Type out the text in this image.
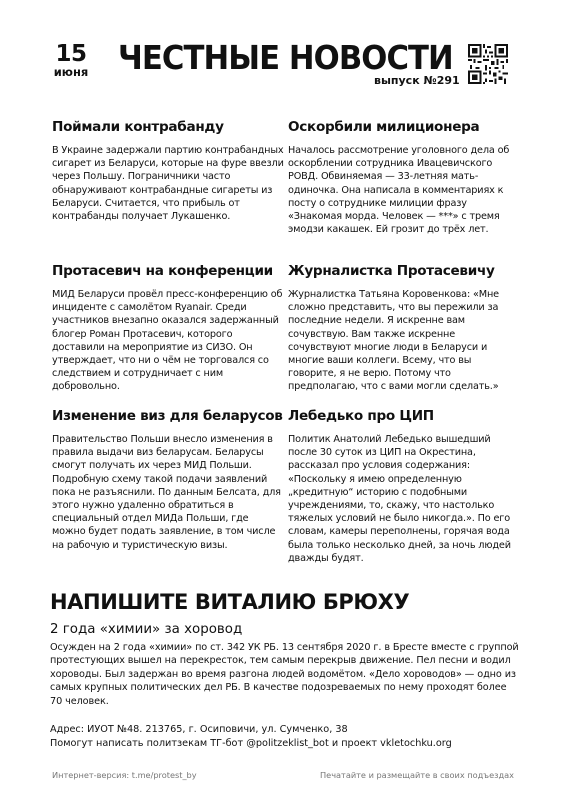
15
июня ЧЕСТНЫЕ НОВОСТИ
выпуск №291
Поймали контрабанду

В Украине задержали партию контрабандных сигарет из Беларуси, которые на фуре ввезли через Польшу. Пограничники часто обнаруживают контрабандные сигареты из Беларуси. Считается, что прибыль от контрабанды получает Лукашенко.

Оскорбили милиционера

Началось рассмотрение уголовного дела об оскорблении сотрудника Ивацевичского РОВД. Обвиняемая — 33-летняя мать-одиночка. Она написала в комментариях к посту о сотруднике милиции фразу «Знакомая морда. Человек — ***» с тремя эмодзи какашек. Ей грозит до трёх лет.

Протасевич на конференции

МИД Беларуси провёл пресс-конференцию об инциденте с самолётом Ryanair. Среди участников внезапно оказался задержанный блогер Роман Протасевич, которого доставили на мероприятие из СИЗО. Он утверждает, что ни о чём не торговался со следствием и сотрудничает с ним добровольно.

Журналистка Протасевичу

Журналистка Татьяна Коровенкова: «Мне сложно представить, что вы пережили за последние недели. Я искренне вам сочувствую. Вам также искренне сочувствуют многие люди в Беларуси и многие ваши коллеги. Всему, что вы говорите, я не верю. Потому что предполагаю, что с вами могли сделать.»

Изменение виз для беларусов

Правительство Польши внесло изменения в правила выдачи виз беларусам. Беларусы смогут получать их через МИД Польши. Подробную схему такой подачи заявлений пока не разъяснили. По данным Белсата, для этого нужно удаленно обратиться в специальный отдел МИДа Польши, где можно будет подать заявление, в том числе на рабочую и туристическую визы.

Лебедько про ЦИП

Политик Анатолий Лебедько вышедший после 30 суток из ЦИП на Окрестина, рассказал про условия содержания: «Поскольку я имею определенную „кредитную“ историю с подобными учреждениями, то, скажу, что настолько тяжелых условий не было никогда.». По его словам, камеры переполнены, горячая вода была только несколько дней, за ночь людей дважды будят.

НАПИШИТЕ ВИТАЛИЮ БРЮХУ
2 года «химии» за хоровод
Осужден на 2 года «химии» по ст. 342 УК РБ. 13 сентября 2020 г. в Бресте вместе с группой протестующих вышел на перекресток, тем самым перекрыв движение. Пел песни и водил хороводы. Был задержан во время разгона людей водомётом. «Дело хороводов» — одно из самых крупных политических дел РБ. В качестве подозреваемых по нему проходят более 70 человек.
Адрес: ИУОТ №48. 213765, г. Осиповичи, ул. Сумченко, 38
Помогут написать политзекам ТГ-бот @politzeklist_bot и проект vkletochku.org
Интернет-версия: t.me/protest_by	Печатайте и размещайте в своих подъездах
